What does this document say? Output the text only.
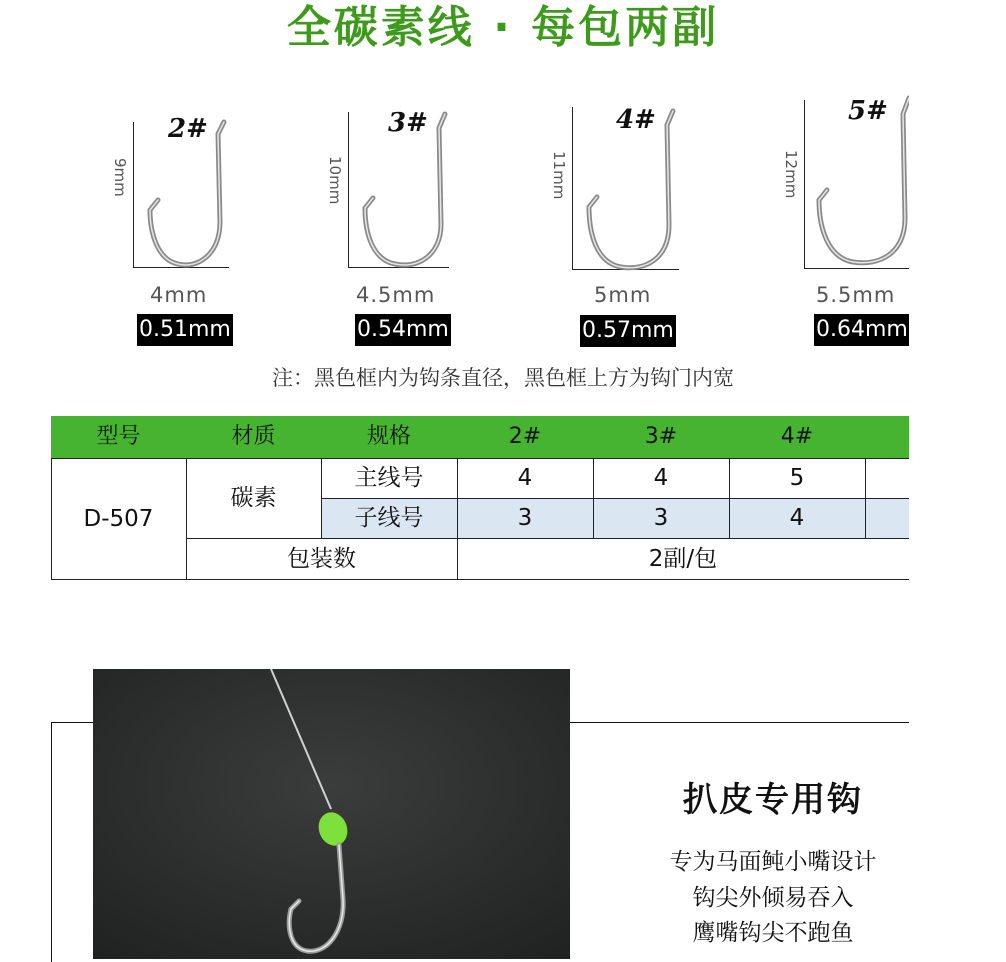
全碳素线 · 每包两副
2#
9mm
4mm
0.51mm
3#
10mm
4.5mm
0.54mm
4#
11mm
5mm
0.57mm
5#
12mm
5.5mm
0.64mm
注：黑色框内为钩条直径，黑色框上方为钩门内宽
型号	材质	规格	2#	3#	4#
D-507
碳素
主线号	4	4	5
子线号	3	3	4
包装数	2副/包
扒皮专用钩
专为马面鲀小嘴设计
钩尖外倾易吞入
鹰嘴钩尖不跑鱼
